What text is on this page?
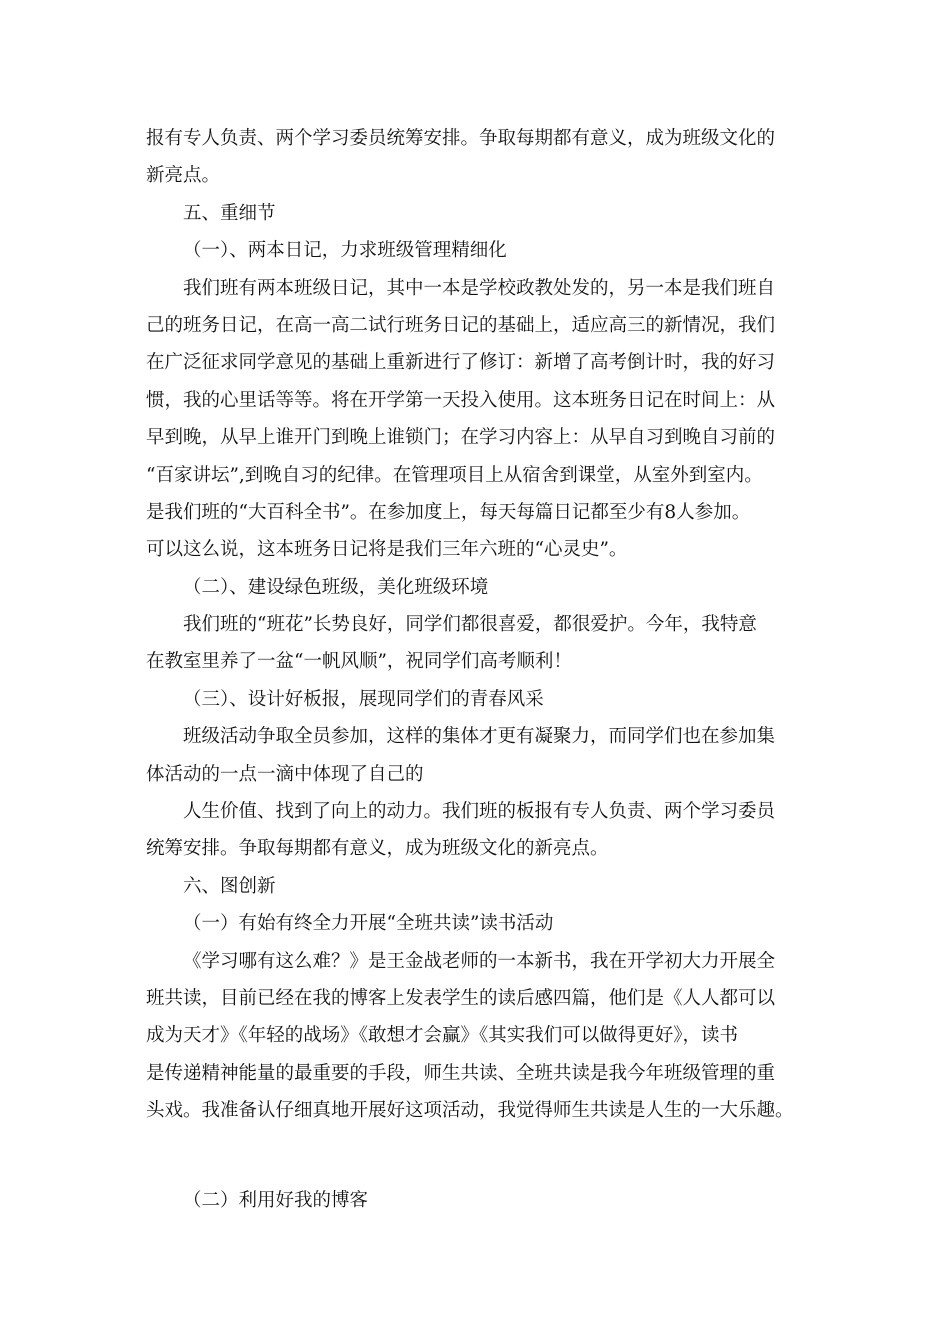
报有专人负责、两个学习委员统筹安排。争取每期都有意义，成为班级文化的
新亮点。
五、重细节
（一）、两本日记，力求班级管理精细化
我们班有两本班级日记，其中一本是学校政教处发的，另一本是我们班自
己的班务日记，在高一高二试行班务日记的基础上，适应高三的新情况，我们
在广泛征求同学意见的基础上重新进行了修订：新增了高考倒计时，我的好习
惯，我的心里话等等。将在开学第一天投入使用。这本班务日记在时间上：从
早到晚，从早上谁开门到晚上谁锁门；在学习内容上：从早自习到晚自习前的
“百家讲坛”,到晚自习的纪律。在管理项目上从宿舍到课堂，从室外到室内。
是我们班的“大百科全书”。在参加度上，每天每篇日记都至少有8人参加。
可以这么说，这本班务日记将是我们三年六班的“心灵史”。
（二）、建设绿色班级，美化班级环境
我们班的“班花”长势良好，同学们都很喜爱，都很爱护。今年，我特意
在教室里养了一盆“一帆风顺”，祝同学们高考顺利！
（三）、设计好板报，展现同学们的青春风采
班级活动争取全员参加，这样的集体才更有凝聚力，而同学们也在参加集
体活动的一点一滴中体现了自己的
人生价值、找到了向上的动力。我们班的板报有专人负责、两个学习委员
统筹安排。争取每期都有意义，成为班级文化的新亮点。
六、图创新
（一）有始有终全力开展“全班共读”读书活动
《学习哪有这么难？》是王金战老师的一本新书，我在开学初大力开展全
班共读，目前已经在我的博客上发表学生的读后感四篇，他们是《人人都可以
成为天才》《年轻的战场》《敢想才会赢》《其实我们可以做得更好》，读书
是传递精神能量的最重要的手段，师生共读、全班共读是我今年班级管理的重
头戏。我准备认仔细真地开展好这项活动，我觉得师生共读是人生的一大乐趣。
（二）利用好我的博客
